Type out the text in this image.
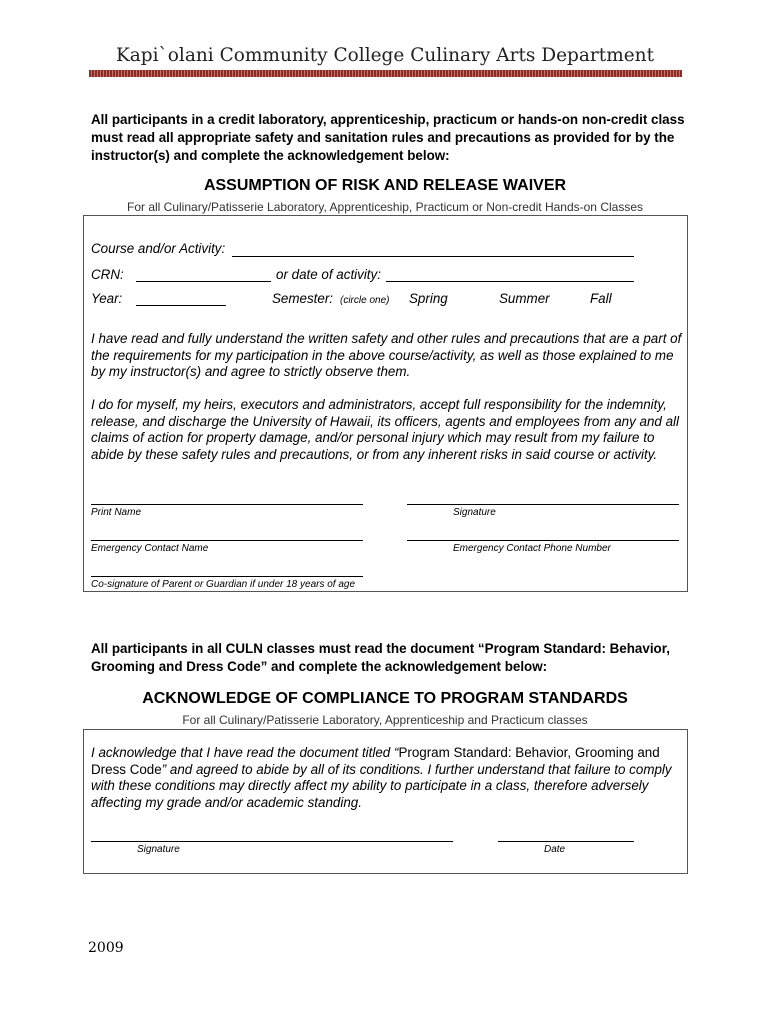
Kapi`olani Community College Culinary Arts Department
All participants in a credit laboratory, apprenticeship, practicum or hands-on non-credit class must read all appropriate safety and sanitation rules and precautions as provided for by the instructor(s) and complete the acknowledgement below:
ASSUMPTION OF RISK AND RELEASE WAIVER
For all Culinary/Patisserie Laboratory, Apprenticeship, Practicum or Non-credit Hands-on Classes
Course and/or Activity:
CRN:	or date of activity:
Year:	Semester: (circle one) Spring	Summer	Fall
I have read and fully understand the written safety and other rules and precautions that are a part of the requirements for my participation in the above course/activity, as well as those explained to me by my instructor(s) and agree to strictly observe them.
I do for myself, my heirs, executors and administrators, accept full responsibility for the indemnity, release, and discharge the University of Hawaii, its officers, agents and employees from any and all claims of action for property damage, and/or personal injury which may result from my failure to abide by these safety rules and precautions, or from any inherent risks in said course or activity.
Print Name	Signature
Emergency Contact Name	Emergency Contact Phone Number
Co-signature of Parent or Guardian if under 18 years of age
All participants in all CULN classes must read the document “Program Standard: Behavior, Grooming and Dress Code” and complete the acknowledgement below:
ACKNOWLEDGE OF COMPLIANCE TO PROGRAM STANDARDS
For all Culinary/Patisserie Laboratory, Apprenticeship and Practicum classes
I acknowledge that I have read the document titled “Program Standard: Behavior, Grooming and Dress Code” and agreed to abide by all of its conditions. I further understand that failure to comply with these conditions may directly affect my ability to participate in a class, therefore adversely affecting my grade and/or academic standing.
Signature	Date
2009
